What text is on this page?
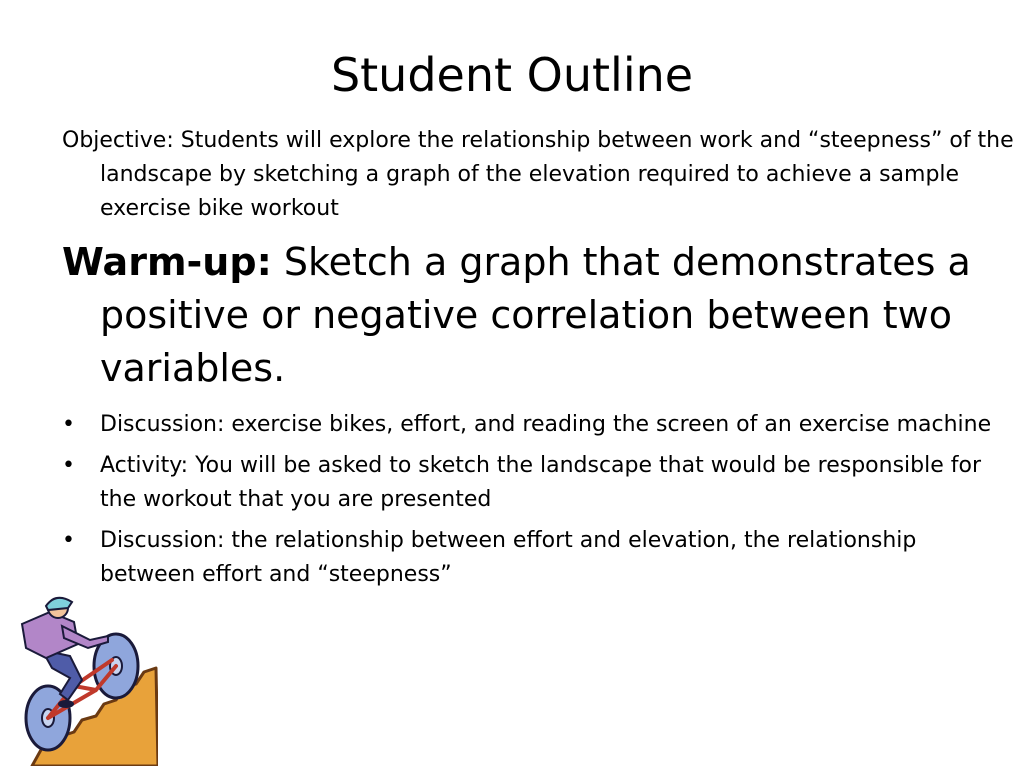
Student Outline

Objective: Students will explore the relationship between work and “steepness” of the landscape by sketching a graph of the elevation required to achieve a sample exercise bike workout

Warm-up: Sketch a graph that demonstrates a positive or negative correlation between two variables.

• Discussion: exercise bikes, effort, and reading the screen of an exercise machine
• Activity: You will be asked to sketch the landscape that would be responsible for the workout that you are presented
• Discussion: the relationship between effort and elevation, the relationship between effort and “steepness”
